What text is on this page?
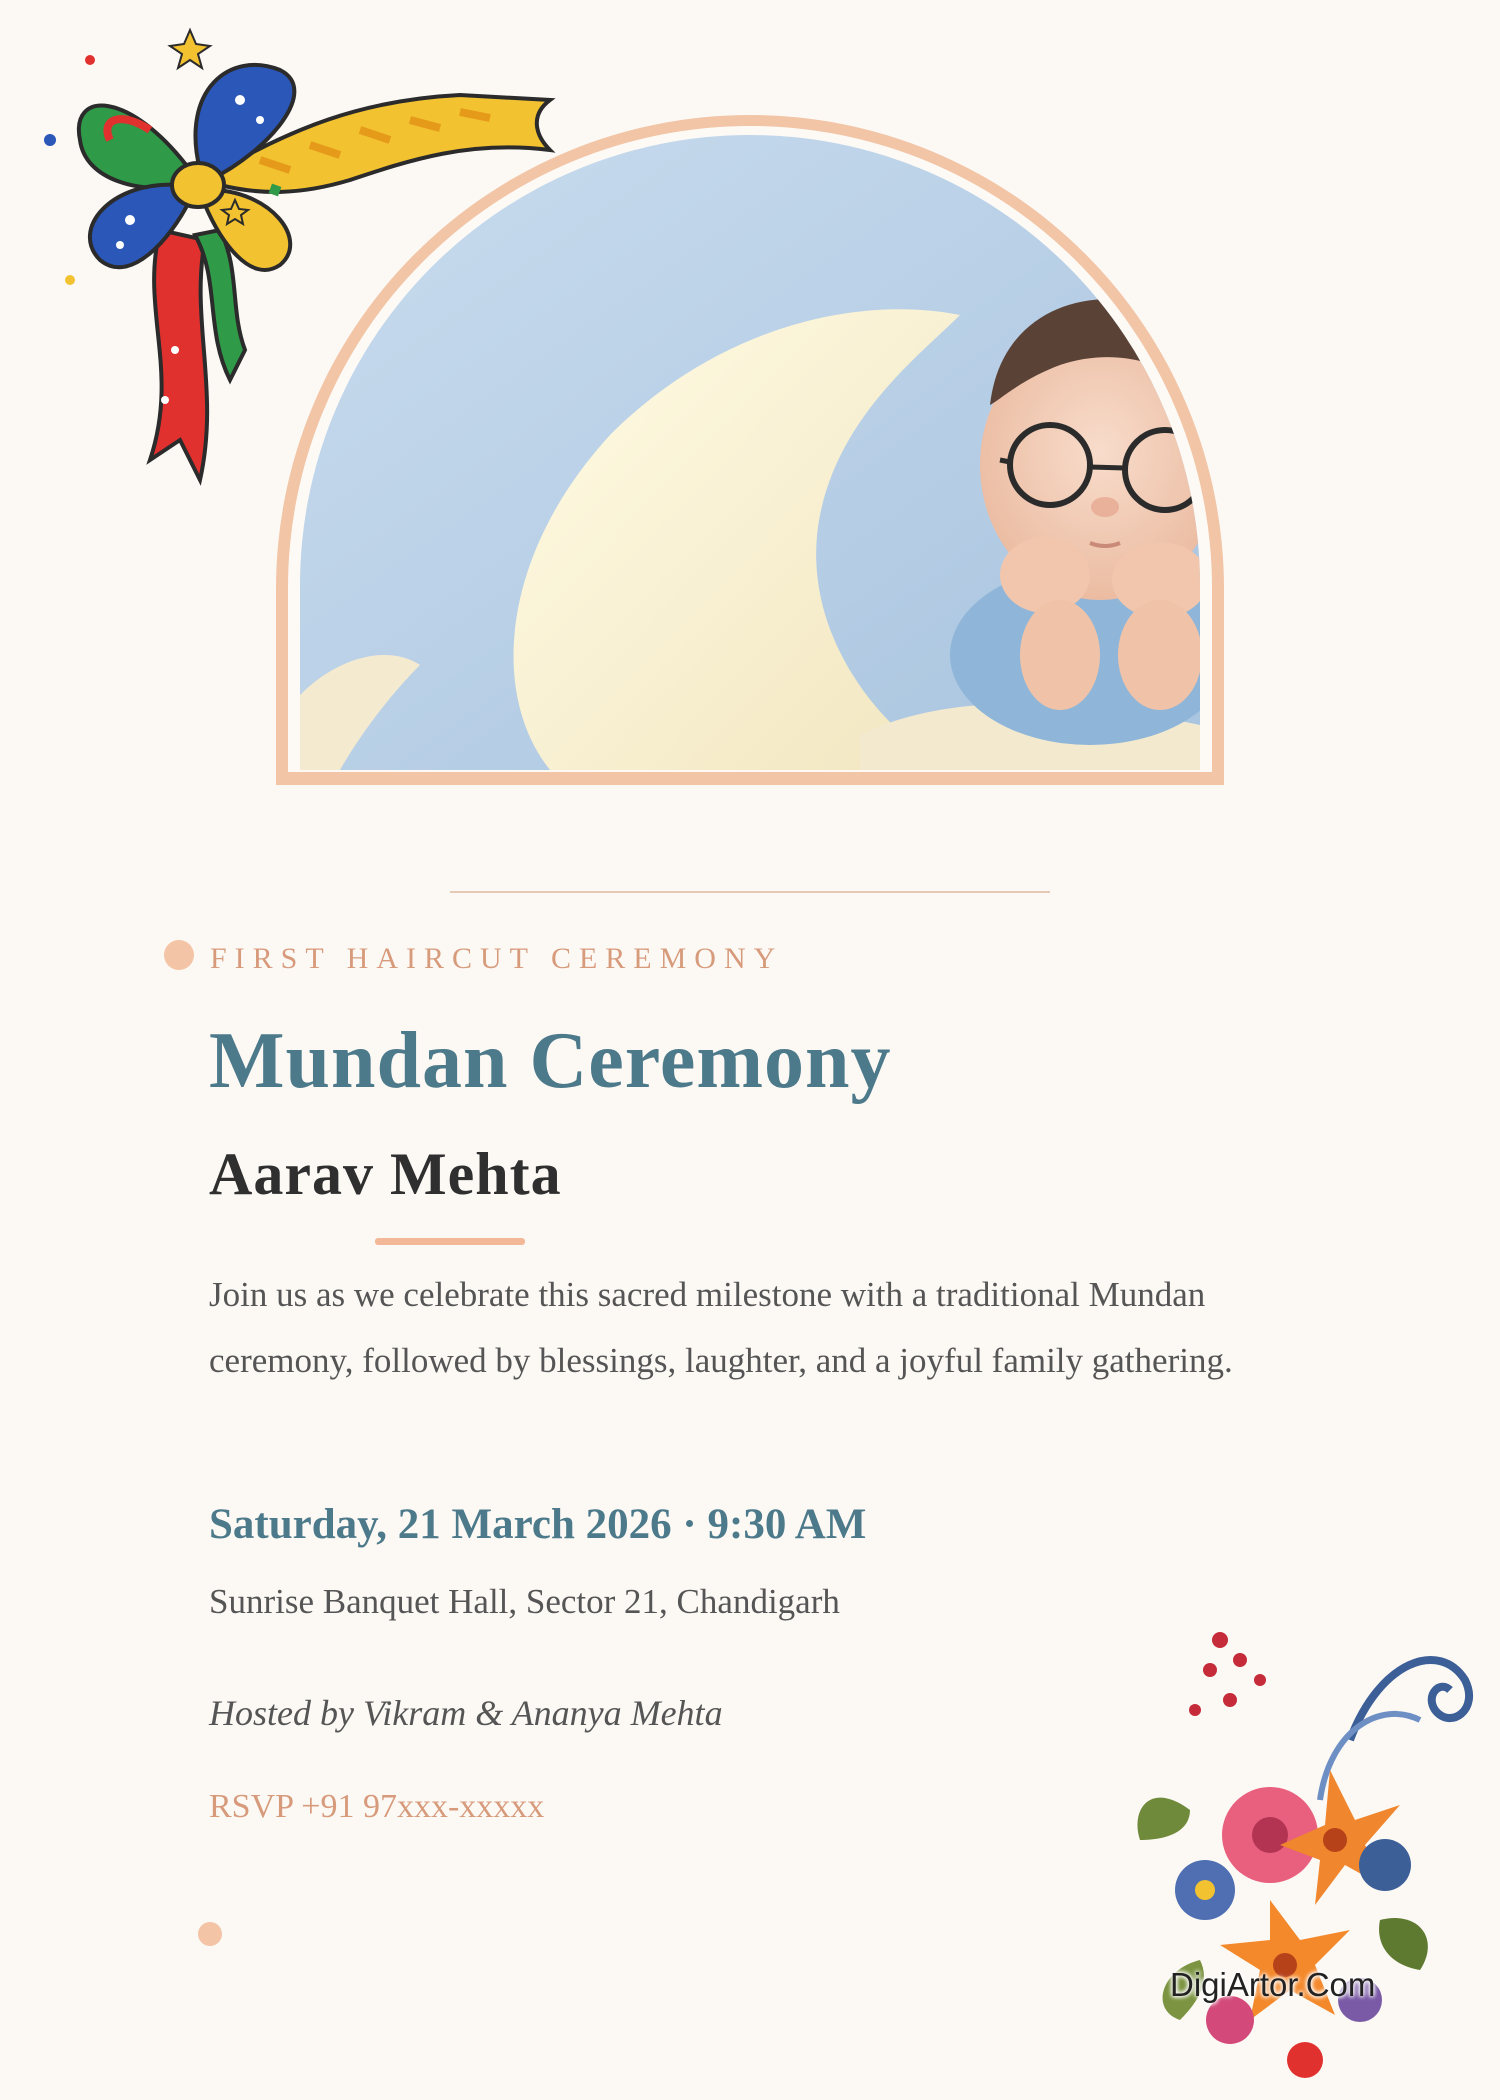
FIRST HAIRCUT CEREMONY
Mundan Ceremony
Aarav Mehta
Join us as we celebrate this sacred milestone with a traditional Mundan ceremony, followed by blessings, laughter, and a joyful family gathering.
Saturday, 21 March 2026 · 9:30 AM
Sunrise Banquet Hall, Sector 21, Chandigarh
Hosted by Vikram & Ananya Mehta
RSVP +91 97xxx-xxxxx
DigiArtor.Com
